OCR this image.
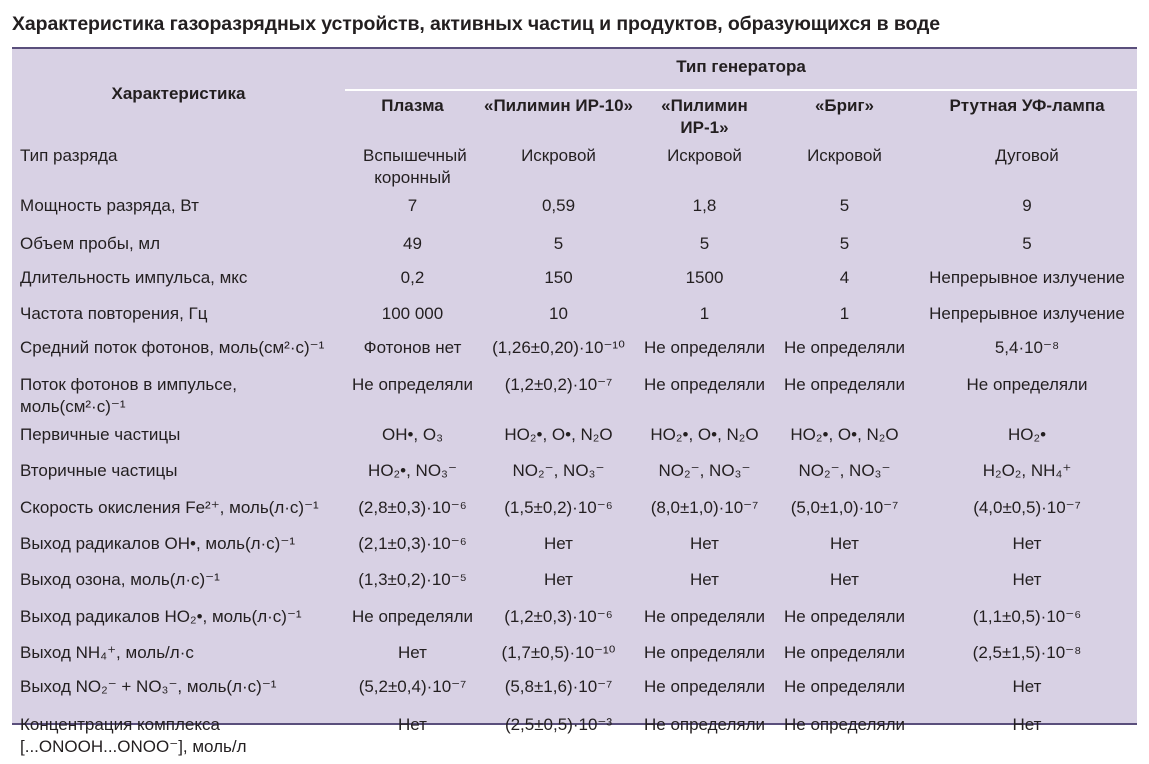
Характеристика газоразрядных устройств, активных частиц и продуктов, образующихся в воде
Характеристика	Тип генератора				
	Плазма	«Пилимин ИР-10»	«Пилимин ИР-1»	«Бриг»	Ртутная УФ-лампа
Тип разряда	Вспышечный коронный	Искровой	Искровой	Искровой	Дуговой
Мощность разряда, Вт	7	0,59	1,8	5	9
Объем пробы, мл	49	5	5	5	5
Длительность импульса, мкс	0,2	150	1500	4	Непрерывное излучение
Частота повторения, Гц	100 000	10	1	1	Непрерывное излучение
Средний поток фотонов, моль(см²·с)⁻¹	Фотонов нет	(1,26±0,20)·10⁻¹⁰	Не определяли	Не определяли	5,4·10⁻⁸
Поток фотонов в импульсе, моль(см²·с)⁻¹	Не определяли	(1,2±0,2)·10⁻⁷	Не определяли	Не определяли	Не определяли
Первичные частицы	OH•, O₃	HO₂•, O•, N₂O	HO₂•, O•, N₂O	HO₂•, O•, N₂O	HO₂•
Вторичные частицы	HO₂•, NO₃⁻	NO₂⁻, NO₃⁻	NO₂⁻, NO₃⁻	NO₂⁻, NO₃⁻	H₂O₂, NH₄⁺
Скорость окисления Fe²⁺, моль(л·с)⁻¹	(2,8±0,3)·10⁻⁶	(1,5±0,2)·10⁻⁶	(8,0±1,0)·10⁻⁷	(5,0±1,0)·10⁻⁷	(4,0±0,5)·10⁻⁷
Выход радикалов OH•, моль(л·с)⁻¹	(2,1±0,3)·10⁻⁶	Нет	Нет	Нет	Нет
Выход озона, моль(л·с)⁻¹	(1,3±0,2)·10⁻⁵	Нет	Нет	Нет	Нет
Выход радикалов HO₂•, моль(л·с)⁻¹	Не определяли	(1,2±0,3)·10⁻⁶	Не определяли	Не определяли	(1,1±0,5)·10⁻⁶
Выход NH₄⁺, моль/л·с	Нет	(1,7±0,5)·10⁻¹⁰	Не определяли	Не определяли	(2,5±1,5)·10⁻⁸
Выход NO₂⁻ + NO₃⁻, моль(л·с)⁻¹	(5,2±0,4)·10⁻⁷	(5,8±1,6)·10⁻⁷	Не определяли	Не определяли	Нет
Концентрация комплекса [...ONOOH...ONOO⁻], моль/л	Нет	(2,5±0,5)·10⁻³	Не определяли	Не определяли	Нет
